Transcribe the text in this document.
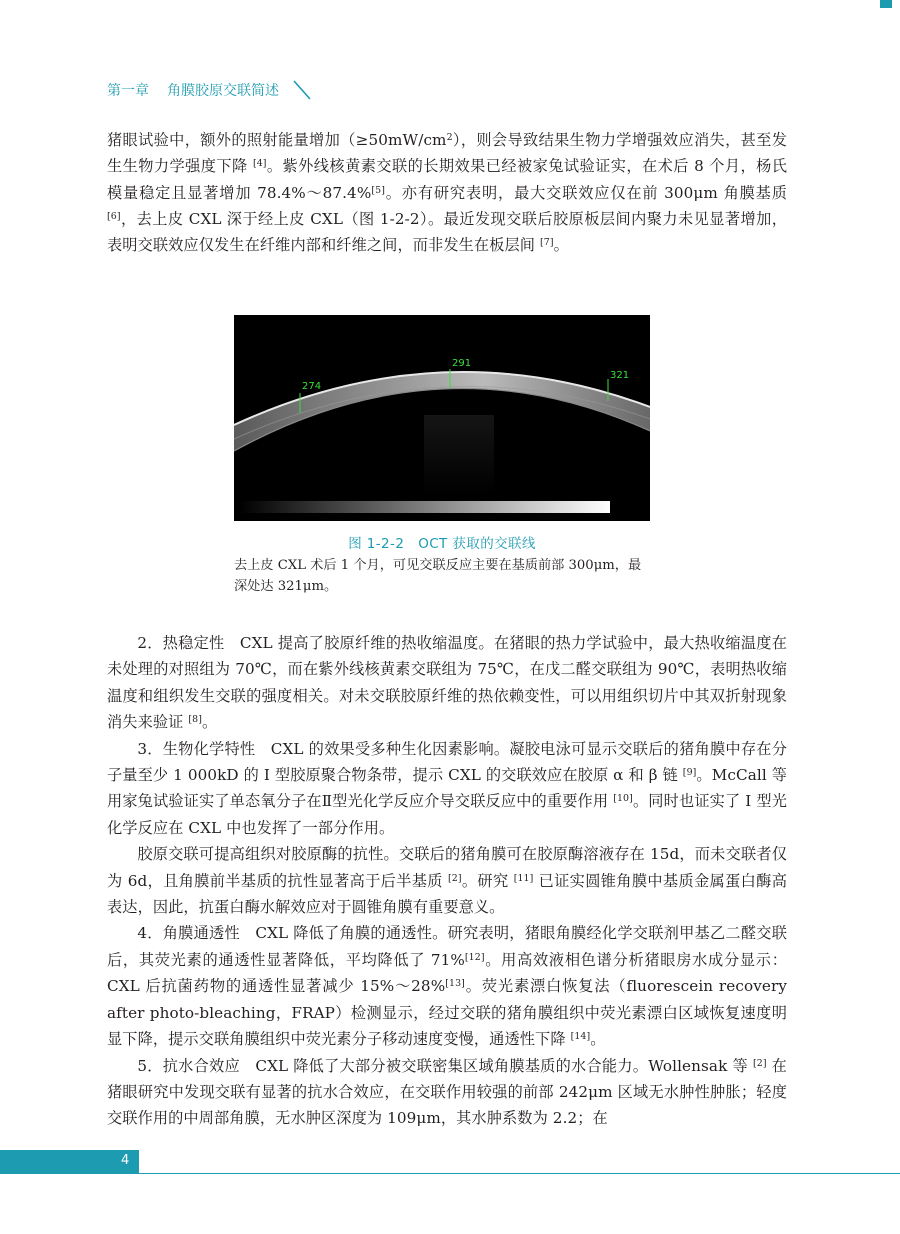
第一章 角膜胶原交联简述

猪眼试验中，额外的照射能量增加$(\ge 50mW/cm^2)$，则会导致结果生物力学增强效应消失，甚至发生生物力学强度下降 [4]。紫外线核黄素交联的长期效果已经被家兔试验证实，在术后 8 个月，杨氏模量稳定且显著增加 78.4%～87.4%[5]。亦有研究表明，最大交联效应仅在前 300μm 角膜基质 [6]，去上皮 CXL 深于经上皮 CXL（图 1-2-2）。最近发现交联后胶原板层间内聚力未见显著增加，表明交联效应仅发生在纤维内部和纤维之间，而非发生在板层间 [7]。

274
291
321
图 1-2-2　OCT 获取的交联线
去上皮 CXL 术后 1 个月，可见交联反应主要在基质前部 300μm，最深处达 321μm。

2．热稳定性　 CXL 提高了胶原纤维的热收缩温度。在猪眼的热力学试验中，最大热收缩温度在未处理的对照组为 70℃，而在紫外线核黄素交联组为 75℃，在戊二醛交联组为 90℃，表明热收缩温度和组织发生交联的强度相关。对未交联胶原纤维的热依赖变性，可以用组织切片中其双折射现象消失来验证 [8]。

3．生物化学特性　 CXL 的效果受多种生化因素影响。凝胶电泳可显示交联后的猪角膜中存在分子量至少 1 000kD 的 I 型胶原聚合物条带，提示 CXL 的交联效应在胶原 α 和 β 链 [9]。McCall 等用家兔试验证实了单态氧分子在Ⅱ型光化学反应介导交联反应中的重要作用 [10]。同时也证实了 I 型光化学反应在 CXL 中也发挥了一部分作用。

胶原交联可提高组织对胶原酶的抗性。交联后的猪角膜可在胶原酶溶液存在 15d，而未交联者仅为 6d，且角膜前半基质的抗性显著高于后半基质 [2]。研究 [11] 已证实圆锥角膜中基质金属蛋白酶高表达，因此，抗蛋白酶水解效应对于圆锥角膜有重要意义。

4．角膜通透性　 CXL 降低了角膜的通透性。研究表明，猪眼角膜经化学交联剂甲基乙二醛交联后，其荧光素的通透性显著降低，平均降低了 71%[12]。用高效液相色谱分析猪眼房水成分显示：CXL 后抗菌药物的通透性显著减少 15%～28%[13]。荧光素漂白恢复法（fluorescein recovery after photo-bleaching，FRAP）检测显示，经过交联的猪角膜组织中荧光素漂白区域恢复速度明显下降，提示交联角膜组织中荧光素分子移动速度变慢，通透性下降 [14]。

5．抗水合效应　 CXL 降低了大部分被交联密集区域角膜基质的水合能力。Wollensak 等 [2] 在猪眼研究中发现交联有显著的抗水合效应，在交联作用较强的前部 242μm 区域无水肿性肿胀；轻度交联作用的中周部角膜，无水肿区深度为 109μm，其水肿系数为 2.2；在

4
